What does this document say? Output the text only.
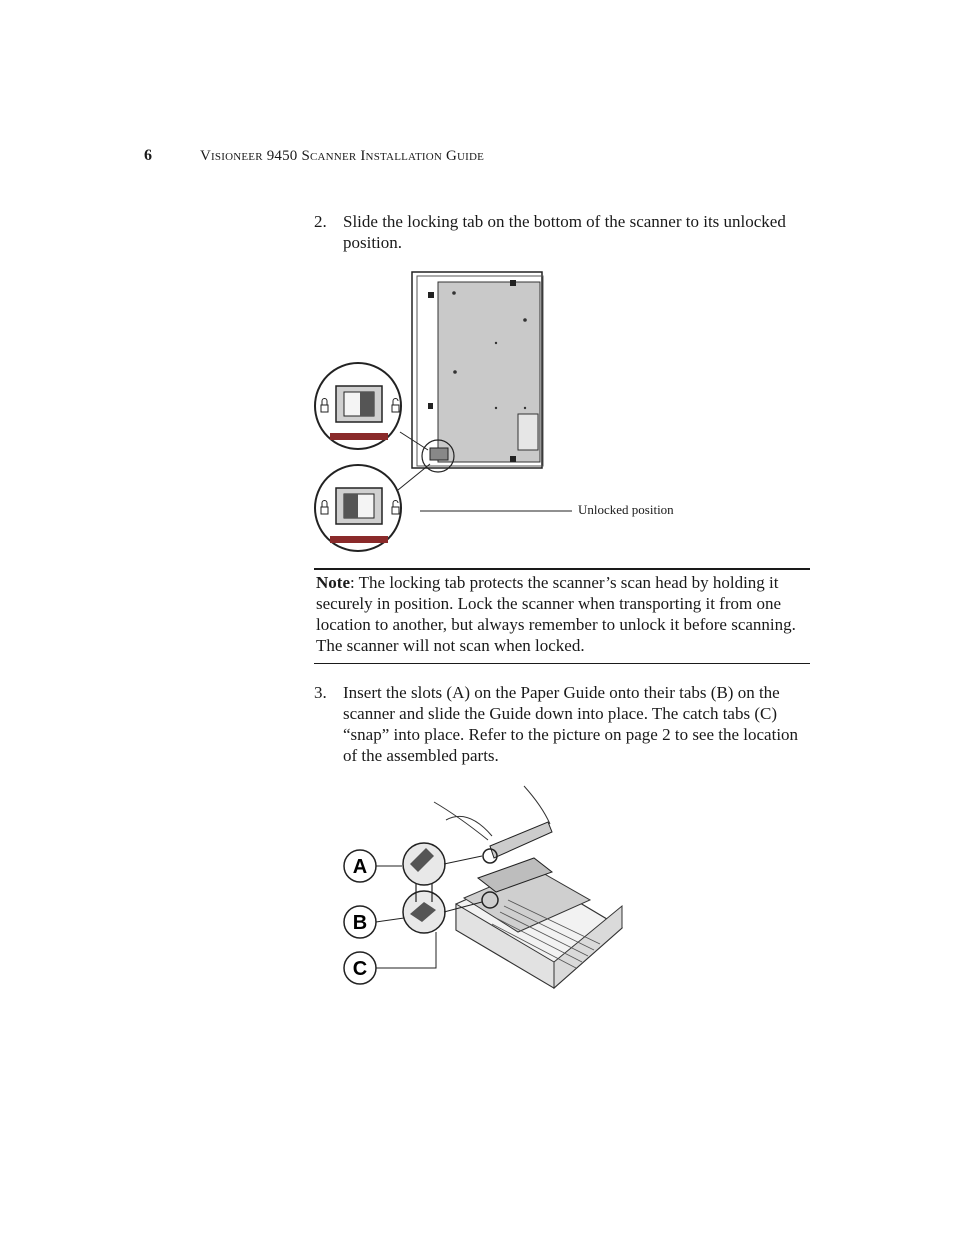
6	Visioneer 9450 Scanner Installation Guide
2. Slide the locking tab on the bottom of the scanner to its unlocked position.
Unlocked position
Note: The locking tab protects the scanner’s scan head by holding it securely in position. Lock the scanner when transporting it from one location to another, but always remember to unlock it before scanning. The scanner will not scan when locked.
3. Insert the slots (A) on the Paper Guide onto their tabs (B) on the scanner and slide the Guide down into place. The catch tabs (C) “snap” into place. Refer to the picture on page 2 to see the location of the assembled parts.
A
B
C
